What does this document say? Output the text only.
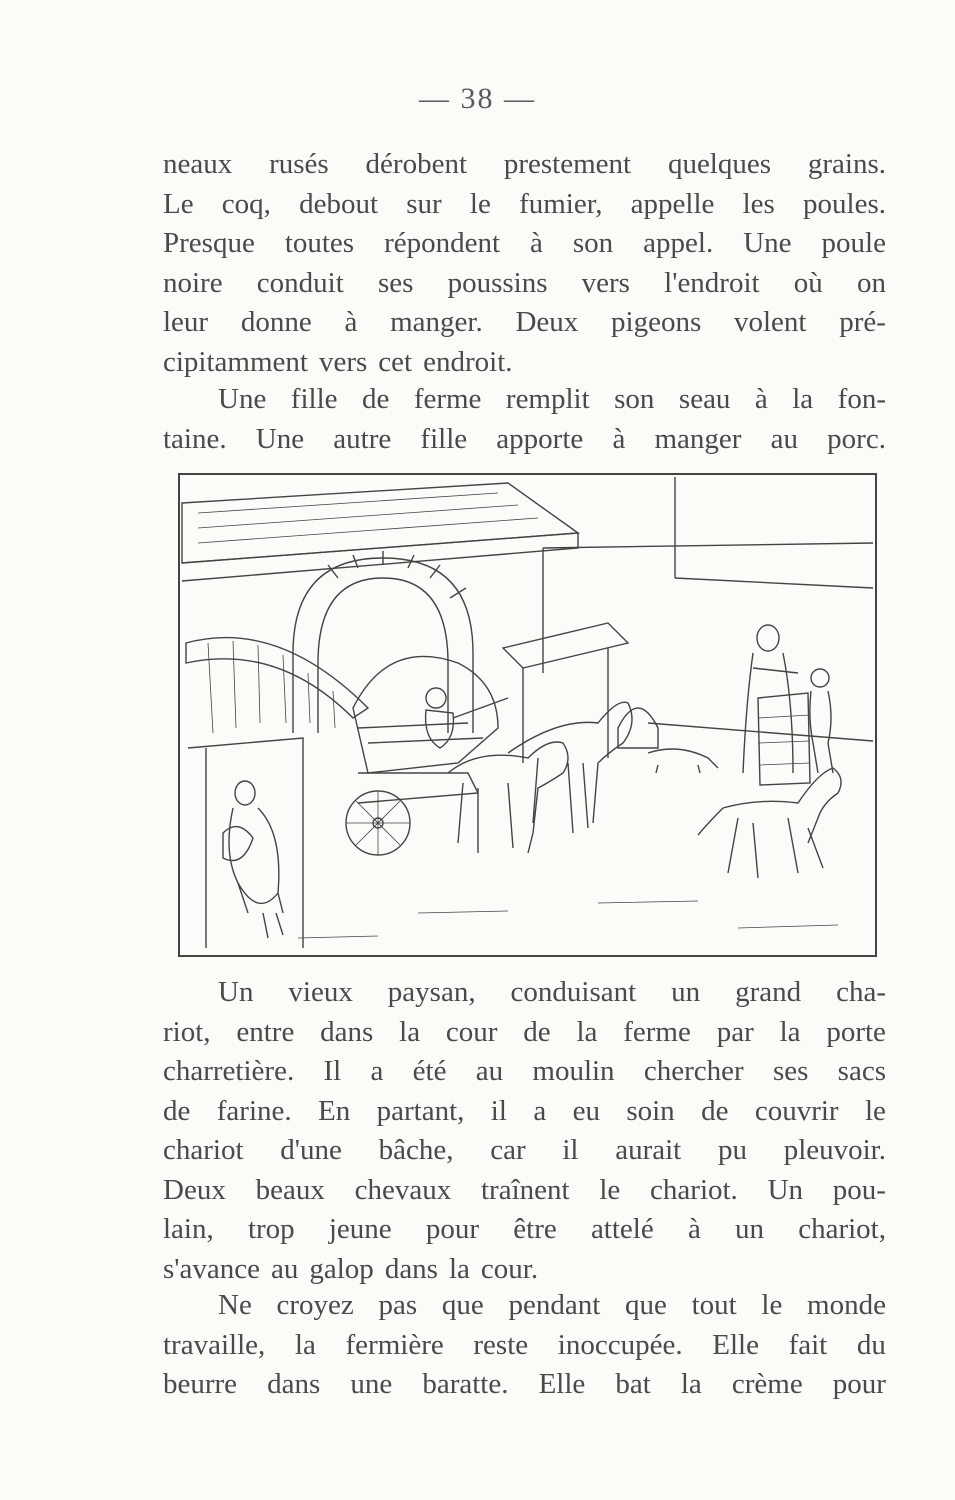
— 38 —
neaux rusés dérobent prestement quelques grains.
Le coq, debout sur le fumier, appelle les poules.
Presque toutes répondent à son appel. Une poule
noire conduit ses poussins vers l'endroit où on
leur donne à manger. Deux pigeons volent pré-
cipitamment vers cet endroit.
Une fille de ferme remplit son seau à la fon-
taine. Une autre fille apporte à manger au porc.
Un vieux paysan, conduisant un grand cha-
riot, entre dans la cour de la ferme par la porte
charretière. Il a été au moulin chercher ses sacs
de farine. En partant, il a eu soin de couvrir le
chariot d'une bâche, car il aurait pu pleuvoir.
Deux beaux chevaux traînent le chariot. Un pou-
lain, trop jeune pour être attelé à un chariot,
s'avance au galop dans la cour.
Ne croyez pas que pendant que tout le monde
travaille, la fermière reste inoccupée. Elle fait du
beurre dans une baratte. Elle bat la crème pour
